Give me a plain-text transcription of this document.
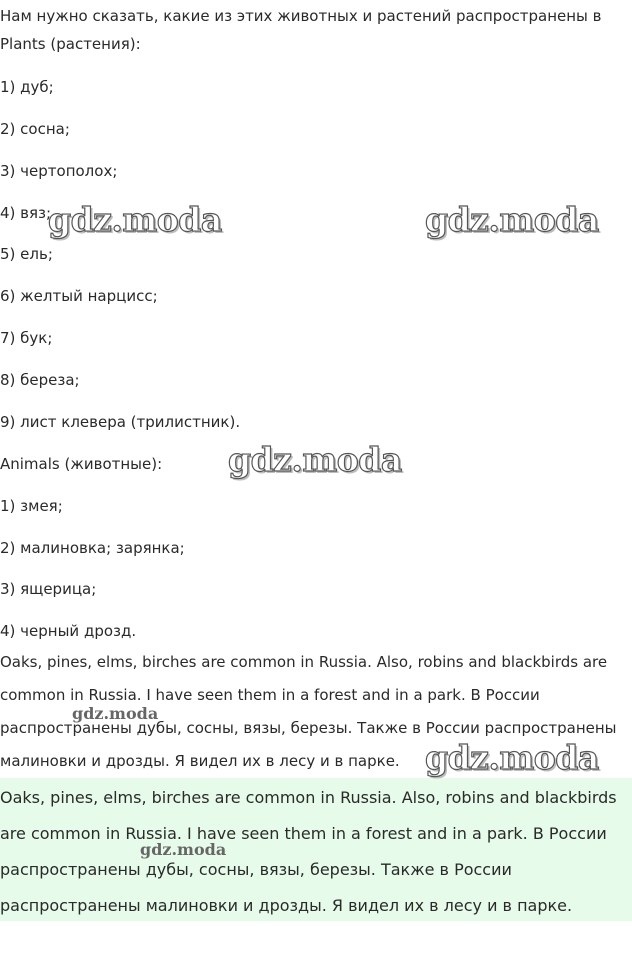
Нам нужно сказать, какие из этих животных и растений распространены в
Plants (растения):
1) дуб;
2) сосна;
3) чертополох;
4) вяз;
5) ель;
6) желтый нарцисс;
7) бук;
8) береза;
9) лист клевера (трилистник).
Animals (животные):
1) змея;
2) малиновка; зарянка;
3) ящерица;
4) черный дрозд.
Oaks, pines, elms, birches are common in Russia. Also, robins and blackbirds are common in Russia. I have seen them in a forest and in a park. В России распространены дубы, сосны, вязы, березы. Также в России распространены малиновки и дрозды. Я видел их в лесу и в парке.
Oaks, pines, elms, birches are common in Russia. Also, robins and blackbirds are common in Russia. I have seen them in a forest and in a park. В России распространены дубы, сосны, вязы, березы. Также в России распространены малиновки и дрозды. Я видел их в лесу и в парке.
gdz.moda	gdz.moda
gdz.moda
gdz.moda
gdz.moda
gdz.moda
